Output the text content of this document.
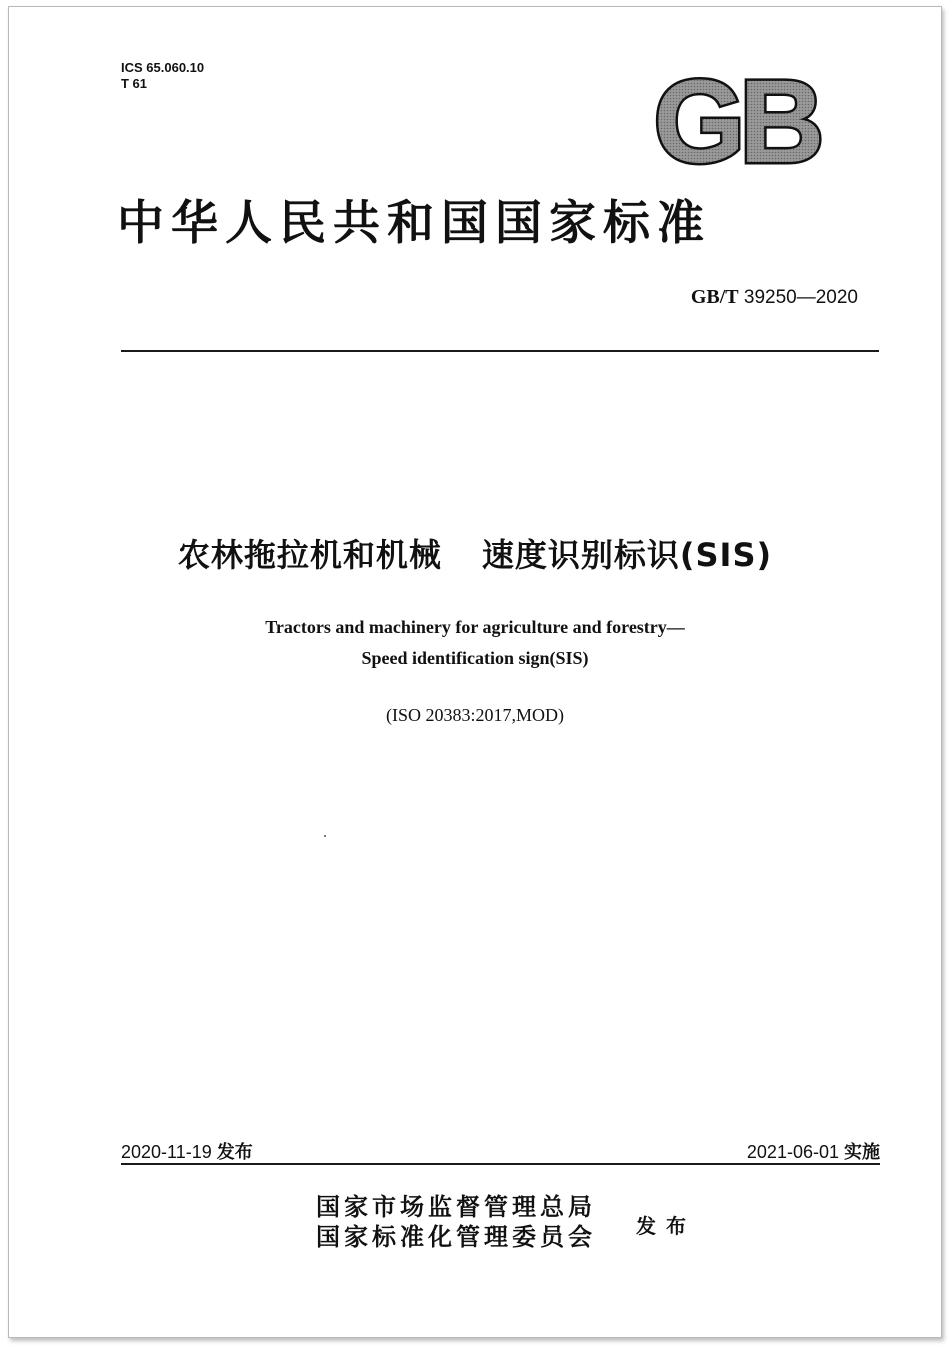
ICS 65.060.10
T 61	GB
中华人民共和国国家标准
GB/T 39250—2020
农林拖拉机和机械 速度识别标识(SIS)
Tractors and machinery for agriculture and forestry—
Speed identification sign(SIS)
(ISO 20383:2017,MOD)
2020-11-19 发布	2021-06-01 实施
国家市场监督管理总局
国家标准化管理委员会 发布
